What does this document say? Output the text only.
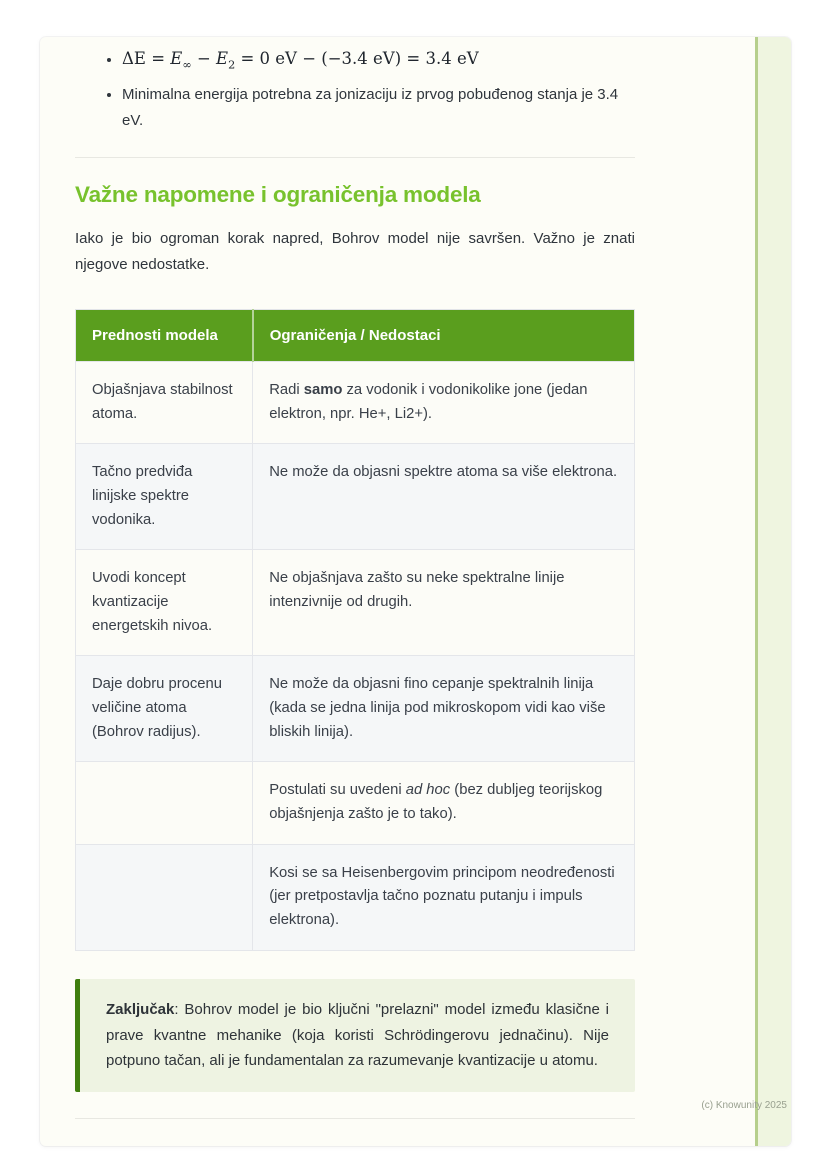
• $\Delta E = E_\infty - E_2 = 0$ eV − (−3.4 eV) = 3.4 eV
• Minimalna energija potrebna za jonizaciju iz prvog pobuđenog stanja je 3.4 eV.
Važne napomene i ograničenja modela

Iako je bio ogroman korak napred, Bohrov model nije savršen. Važno je znati njegove nedostatke.

Prednosti modela	Ograničenja / Nedostaci
Objašnjava stabilnost atoma.	Radi samo za vodonik i vodonikolike jone (jedan elektron, npr. He+, Li2+).
Tačno predviđa linijske spektre vodonika.	Ne može da objasni spektre atoma sa više elektrona.
Uvodi koncept kvantizacije energetskih nivoa.	Ne objašnjava zašto su neke spektralne linije intenzivnije od drugih.
Daje dobru procenu veličine atoma (Bohrov radijus).	Ne može da objasni fino cepanje spektralnih linija (kada se jedna linija pod mikroskopom vidi kao više bliskih linija).
	Postulati su uvedeni ad hoc (bez dubljeg teorijskog objašnjenja zašto je to tako).
	Kosi se sa Heisenbergovim principom neodređenosti (jer pretpostavlja tačno poznatu putanju i impuls elektrona).
Zaključak: Bohrov model je bio ključni "prelazni" model između klasične i prave kvantne mehanike (koja koristi Schrödingerovu jednačinu). Nije potpuno tačan, ali je fundamentalan za razumevanje kvantizacije u atomu.
(c) Knowunity 2025
